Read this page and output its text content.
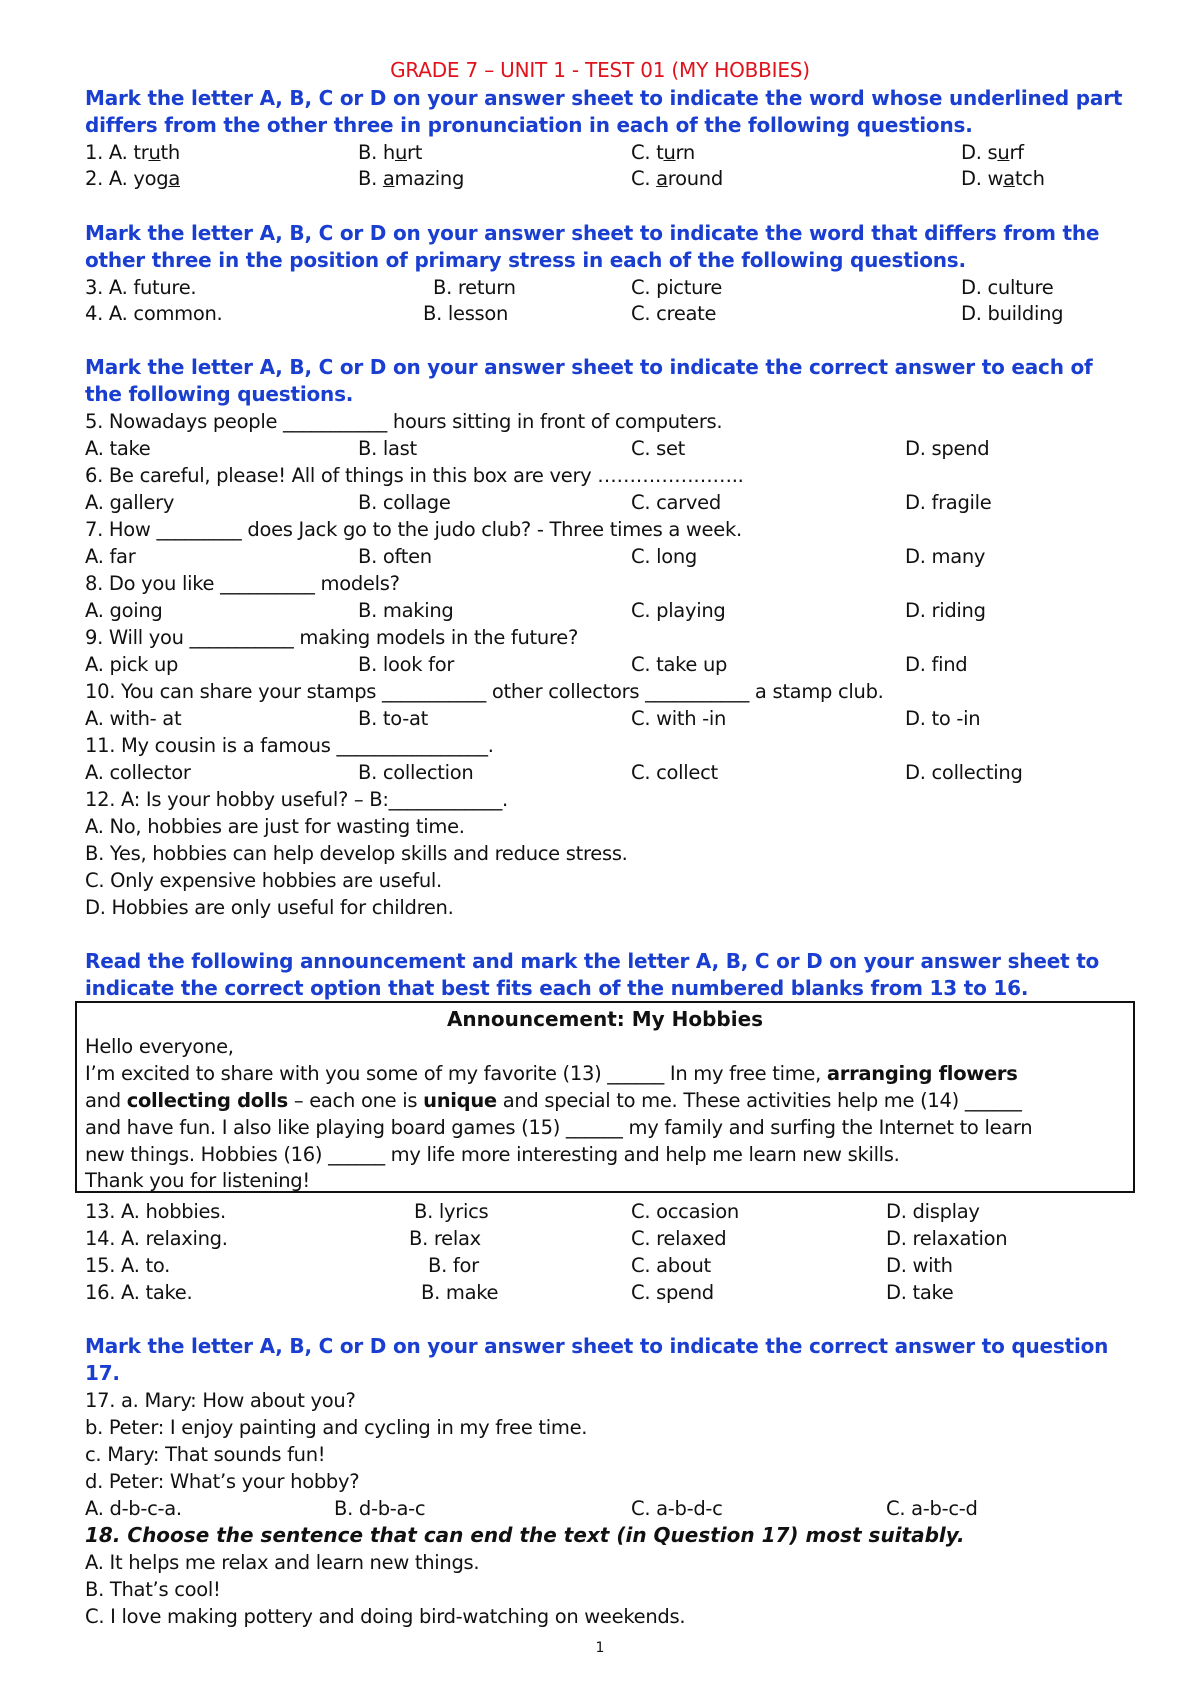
GRADE 7 – UNIT 1 - TEST 01 (MY HOBBIES)
Mark the letter A, B, C or D on your answer sheet to indicate the word whose underlined part differs from the other three in pronunciation in each of the following questions.
1. A. truth	B. hurt	C. turn	D. surf
2. A. yoga	B. amazing	C. around	D. watch
Mark the letter A, B, C or D on your answer sheet to indicate the word that differs from the other three in the position of primary stress in each of the following questions.
3. A. future.	B. return	C. picture	D. culture
4. A. common.	B. lesson	C. create	D. building
Mark the letter A, B, C or D on your answer sheet to indicate the correct answer to each of the following questions.
5. Nowadays people ___________ hours sitting in front of computers.
A. take	B. last	C. set	D. spend
6. Be careful, please! All of things in this box are very …………………..
A. gallery	B. collage	C. carved	D. fragile
7. How _________ does Jack go to the judo club? - Three times a week.
A. far	B. often	C. long	D. many
8. Do you like __________ models?
A. going	B. making	C. playing	D. riding
9. Will you ___________ making models in the future?
A. pick up	B. look for	C. take up	D. find
10. You can share your stamps ___________ other collectors ___________ a stamp club.
A. with- at	B. to-at	C. with -in	D. to -in
11. My cousin is a famous ________________.
A. collector	B. collection	C. collect	D. collecting
12. A: Is your hobby useful? – B:____________.
A. No, hobbies are just for wasting time.
B. Yes, hobbies can help develop skills and reduce stress.
C. Only expensive hobbies are useful.
D. Hobbies are only useful for children.
Read the following announcement and mark the letter A, B, C or D on your answer sheet to indicate the correct option that best fits each of the numbered blanks from 13 to 16.
Announcement: My Hobbies
Hello everyone,
I’m excited to share with you some of my favorite (13) ______ In my free time, arranging flowers
and collecting dolls – each one is unique and special to me. These activities help me (14) ______
and have fun. I also like playing board games (15) ______ my family and surfing the Internet to learn
new things. Hobbies (16) ______ my life more interesting and help me learn new skills.
Thank you for listening!
13. A. hobbies.	B. lyrics	C. occasion	D. display
14. A. relaxing.	B. relax	C. relaxed	D. relaxation
15. A. to.	B. for	C. about	D. with
16. A. take.	B. make	C. spend	D. take
Mark the letter A, B, C or D on your answer sheet to indicate the correct answer to question 17.
17. a. Mary: How about you?
b. Peter: I enjoy painting and cycling in my free time.
c. Mary: That sounds fun!
d. Peter: What’s your hobby?
A. d-b-c-a.	B. d-b-a-c	C. a-b-d-c	C. a-b-c-d
18. Choose the sentence that can end the text (in Question 17) most suitably.
A. It helps me relax and learn new things.
B. That’s cool!
C. I love making pottery and doing bird-watching on weekends.
1
